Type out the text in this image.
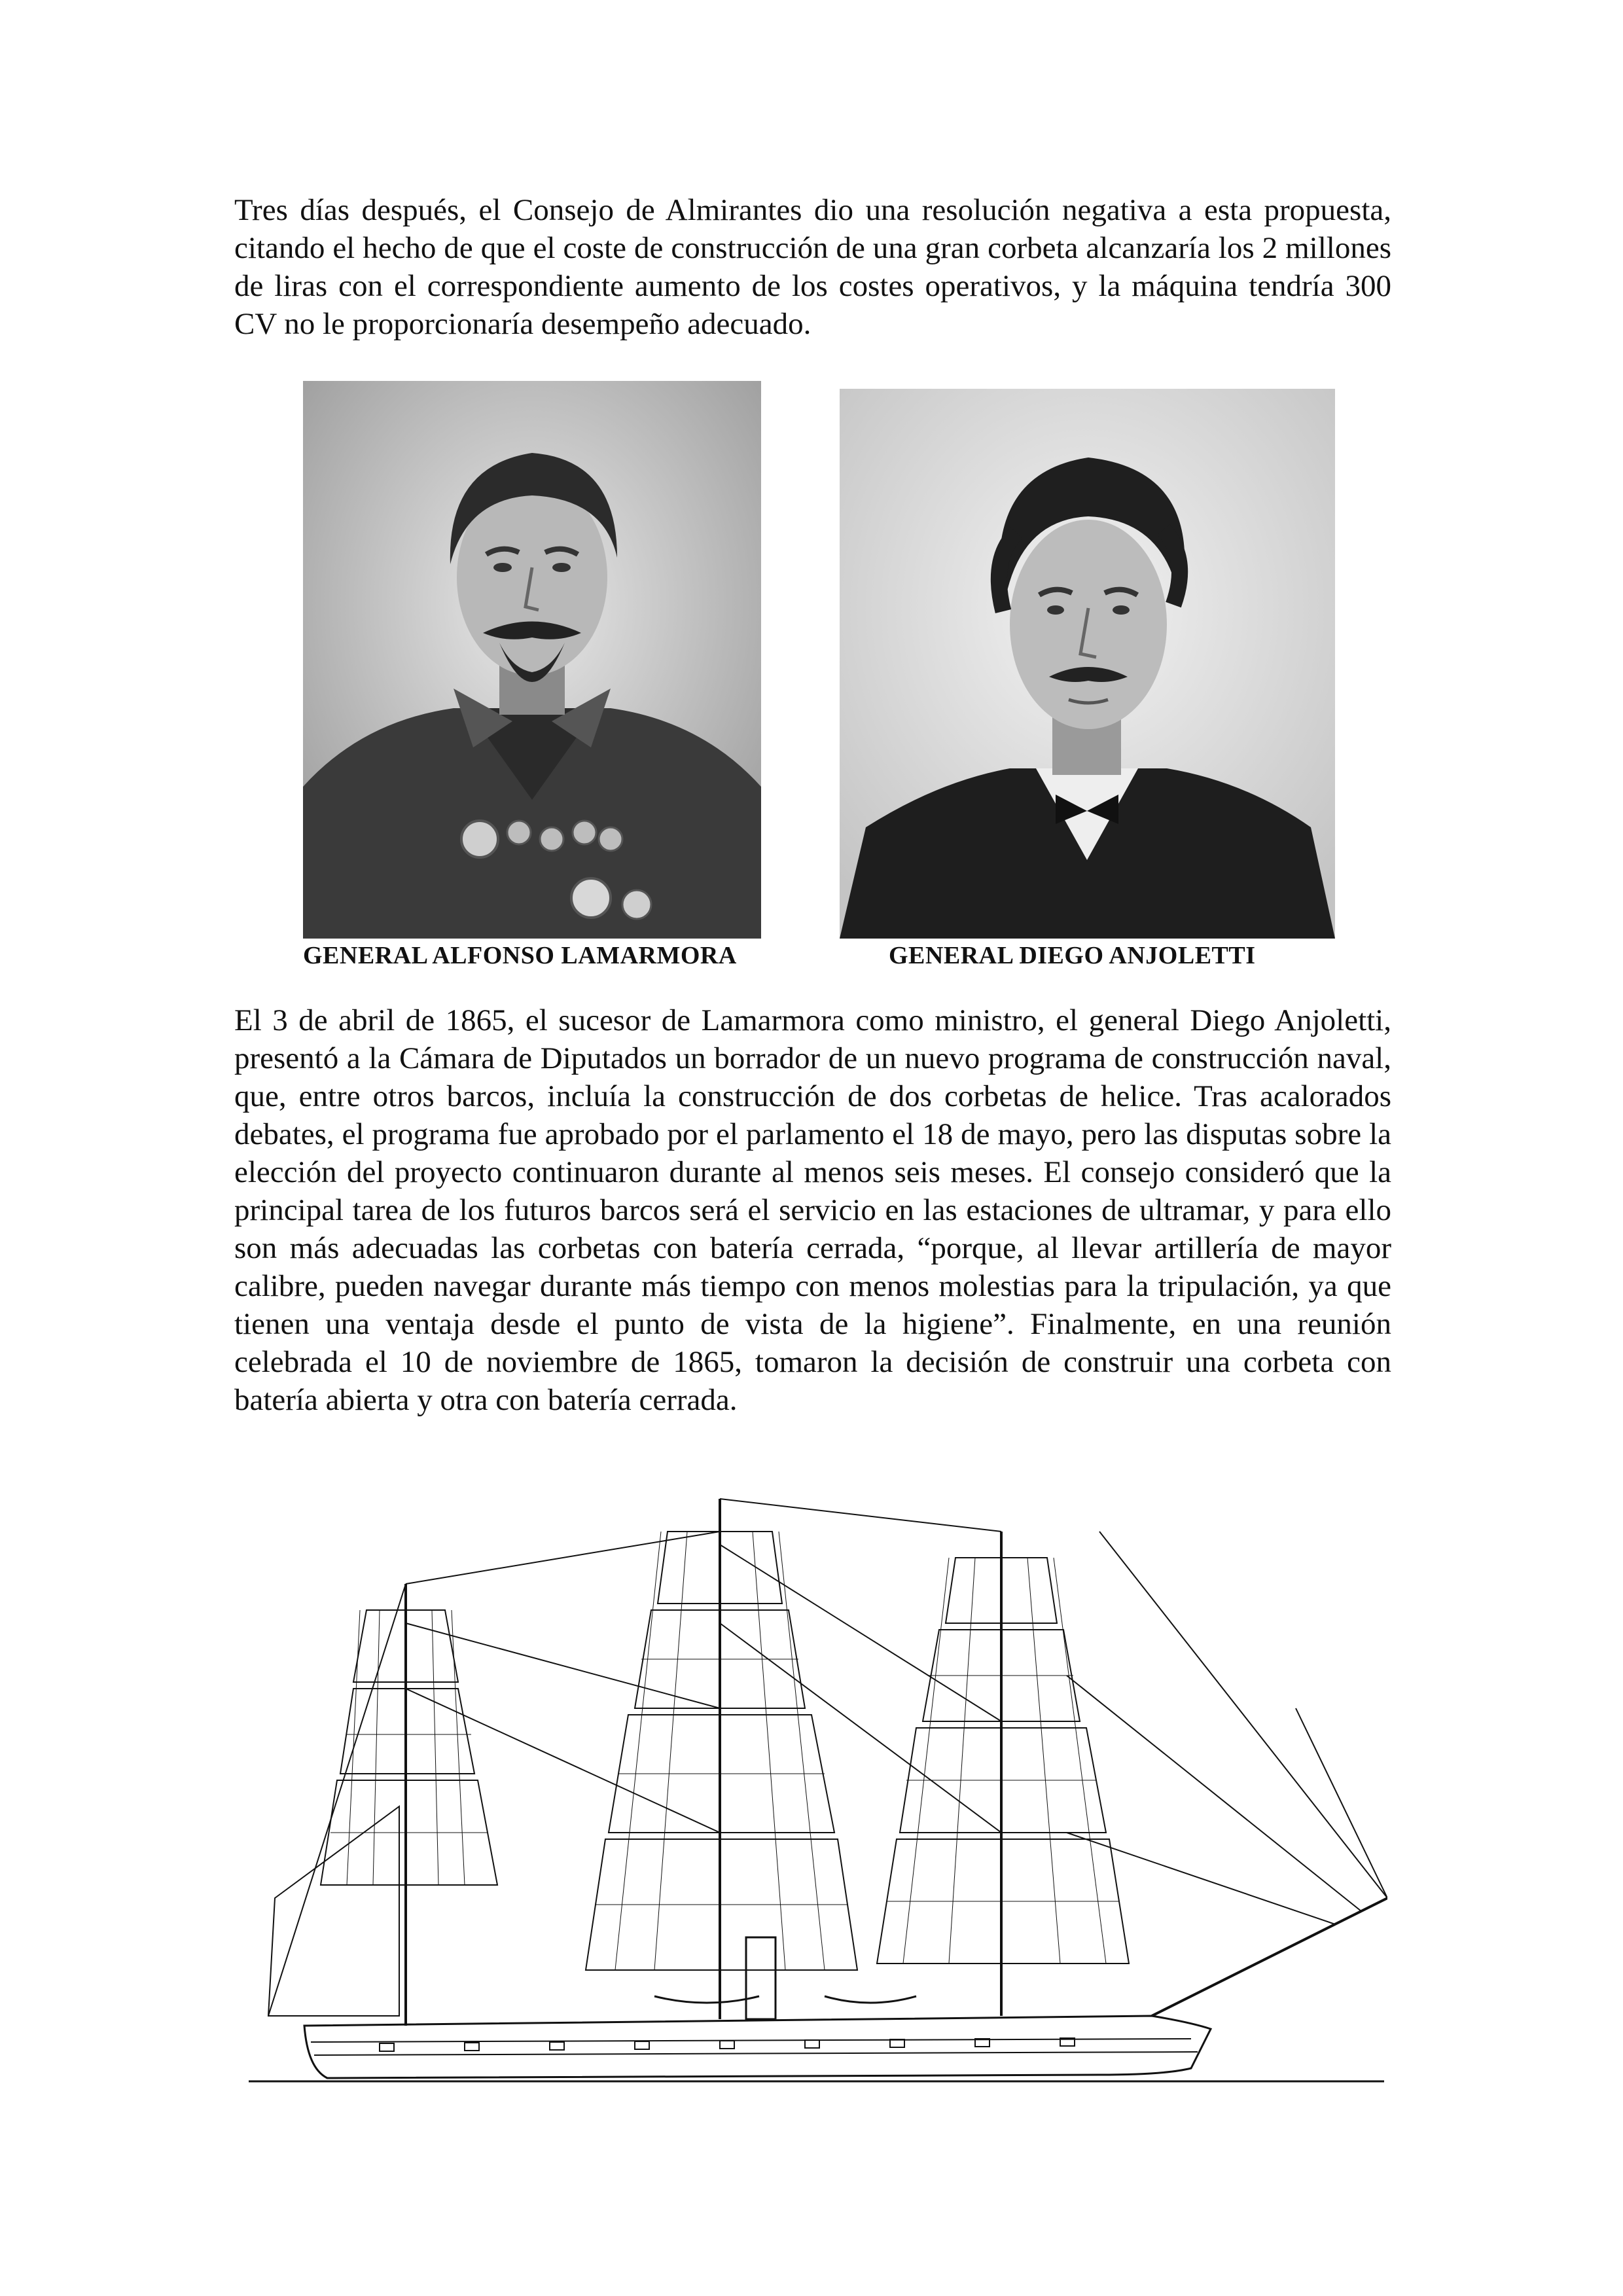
Tres días después, el Consejo de Almirantes dio una resolución negativa a esta propuesta, citando el hecho de que el coste de construcción de una gran corbeta alcanzaría los 2 millones de liras con el correspondiente aumento de los costes operativos, y la máquina tendría 300 CV no le proporcionaría desempeño adecuado.

GENERAL ALFONSO LAMARMORA	GENERAL DIEGO ANJOLETTI

El 3 de abril de 1865, el sucesor de Lamarmora como ministro, el general Diego Anjoletti, presentó a la Cámara de Diputados un borrador de un nuevo programa de construcción naval, que, entre otros barcos, incluía la construcción de dos corbetas de helice. Tras acalorados debates, el programa fue aprobado por el parlamento el 18 de mayo, pero las disputas sobre la elección del proyecto continuaron durante al menos seis meses. El consejo consideró que la principal tarea de los futuros barcos será el servicio en las estaciones de ultramar, y para ello son más adecuadas las corbetas con batería cerrada, “porque, al llevar artillería de mayor calibre, pueden navegar durante más tiempo con menos molestias para la tripulación, ya que tienen una ventaja desde el punto de vista de la higiene”. Finalmente, en una reunión celebrada el 10 de noviembre de 1865, tomaron la decisión de construir una corbeta con batería abierta y otra con batería cerrada.
